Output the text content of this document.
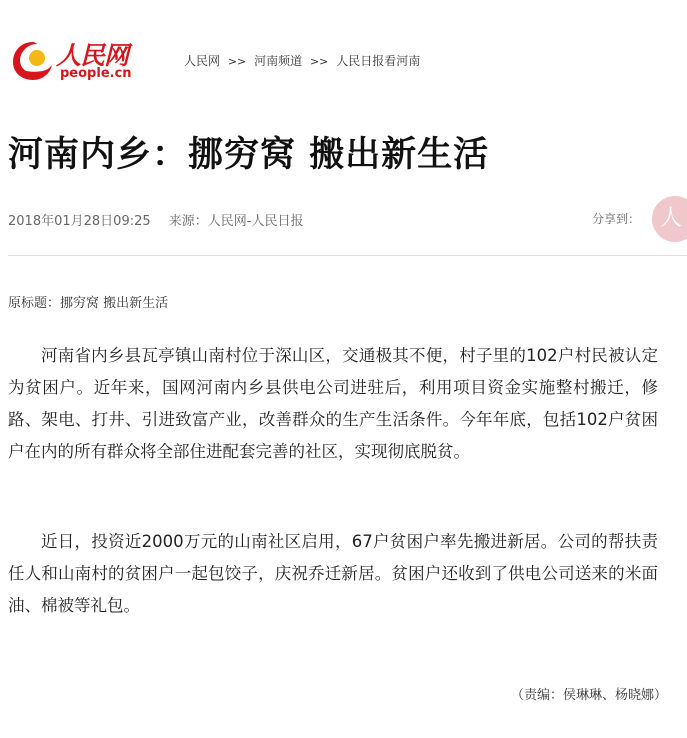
人民网
people.cn
人民网 >> 河南频道 >> 人民日报看河南
河南内乡：挪穷窝 搬出新生活
2018年01月28日09:25 来源：人民网-人民日报	分享到： 人
原标题：挪穷窝 搬出新生活

河南省内乡县瓦亭镇山南村位于深山区，交通极其不便，村子里的102户村民被认定为贫困户。近年来，国网河南内乡县供电公司进驻后，利用项目资金实施整村搬迁，修路、架电、打井、引进致富产业，改善群众的生产生活条件。今年年底，包括102户贫困户在内的所有群众将全部住进配套完善的社区，实现彻底脱贫。

近日，投资近2000万元的山南社区启用，67户贫困户率先搬进新居。公司的帮扶责任人和山南村的贫困户一起包饺子，庆祝乔迁新居。贫困户还收到了供电公司送来的米面油、棉被等礼包。

（责编：侯琳琳、杨晓娜）
